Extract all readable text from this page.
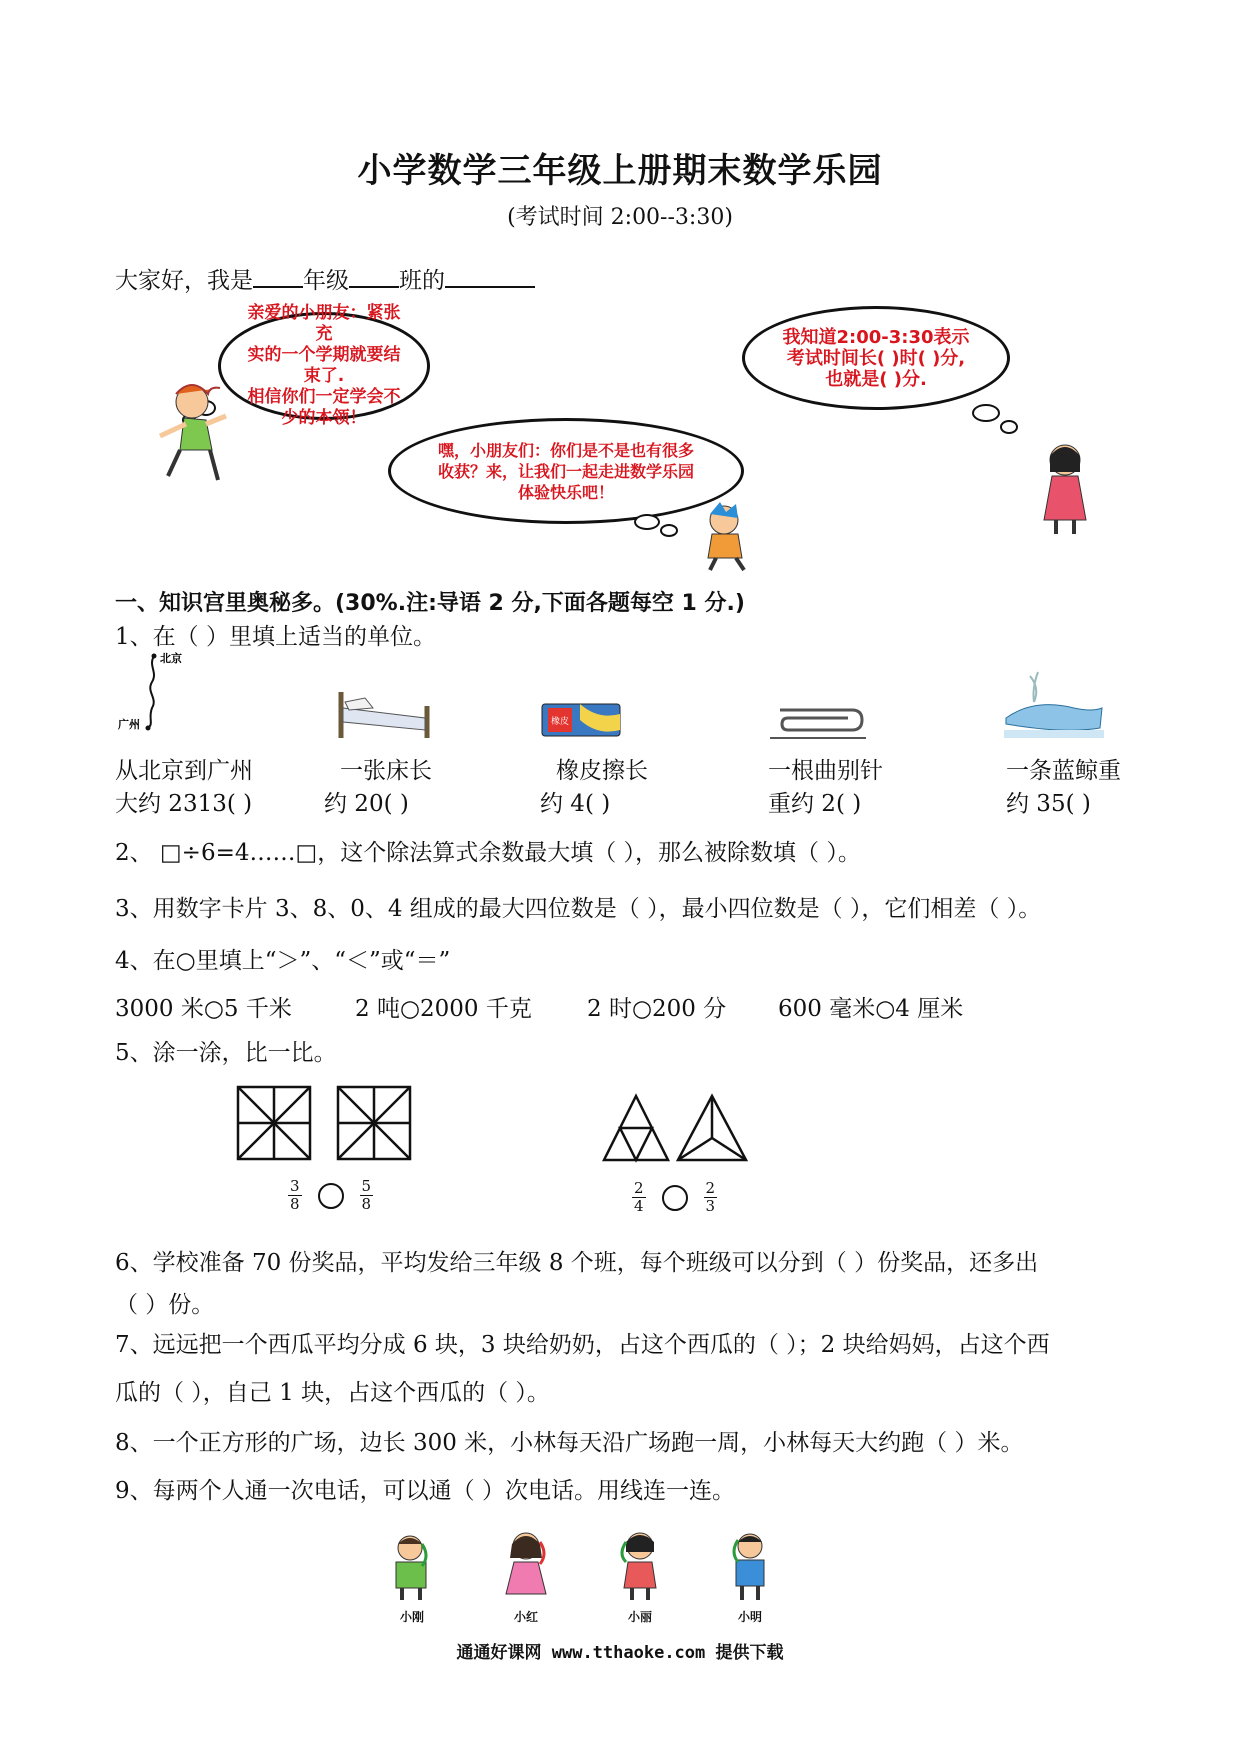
小学数学三年级上册期末数学乐园
(考试时间 2:00--3:30)
大家好，我是 年级 班的
亲爱的小朋友：紧张充
实的一个学期就要结束了.
相信你们一定学会不
少的本领！
嘿，小朋友们：你们是不是也有很多
收获？来，让我们一起走进数学乐园
体验快乐吧！
我知道2:00-3:30表示
考试时间长( )时( )分,
也就是( )分.
一、知识宫里奥秘多。(30%.注:导语 2 分,下面各题每空 1 分.)
1、在（ ）里填上适当的单位。
北京
广州	橡皮
从北京到广州
大约 2313( )
一张床长
约 20( )
橡皮擦长
约 4( )
一根曲别针
重约 2( )
一条蓝鲸重
约 35( )
2、 □÷6=4……□，这个除法算式余数最大填（ ），那么被除数填（ ）。
3、用数字卡片 3、8、0、4 组成的最大四位数是（ ），最小四位数是（ ），它们相差（ ）。
4、在○里填上“＞”、“＜”或“＝”
3000 米○5 千米	2 吨○2000 千克 2 时○200 分 600 毫米○4 厘米
5、涂一涂，比一比。
$\frac{3}{8}$	$\frac{5}{8}$	$\frac{2}{4}$	$\frac{2}{3}$
6、学校准备 70 份奖品，平均发给三年级 8 个班，每个班级可以分到（ ）份奖品，还多出
（ ）份。
7、远远把一个西瓜平均分成 6 块，3 块给奶奶，占这个西瓜的（ ）；2 块给妈妈，占这个西
瓜的（ ），自己 1 块，占这个西瓜的（ ）。
8、一个正方形的广场，边长 300 米，小林每天沿广场跑一周，小林每天大约跑（ ）米。
9、每两个人通一次电话，可以通（ ）次电话。用线连一连。
小刚	小红	小丽	小明
通通好课网 www.tthaoke.com 提供下载
